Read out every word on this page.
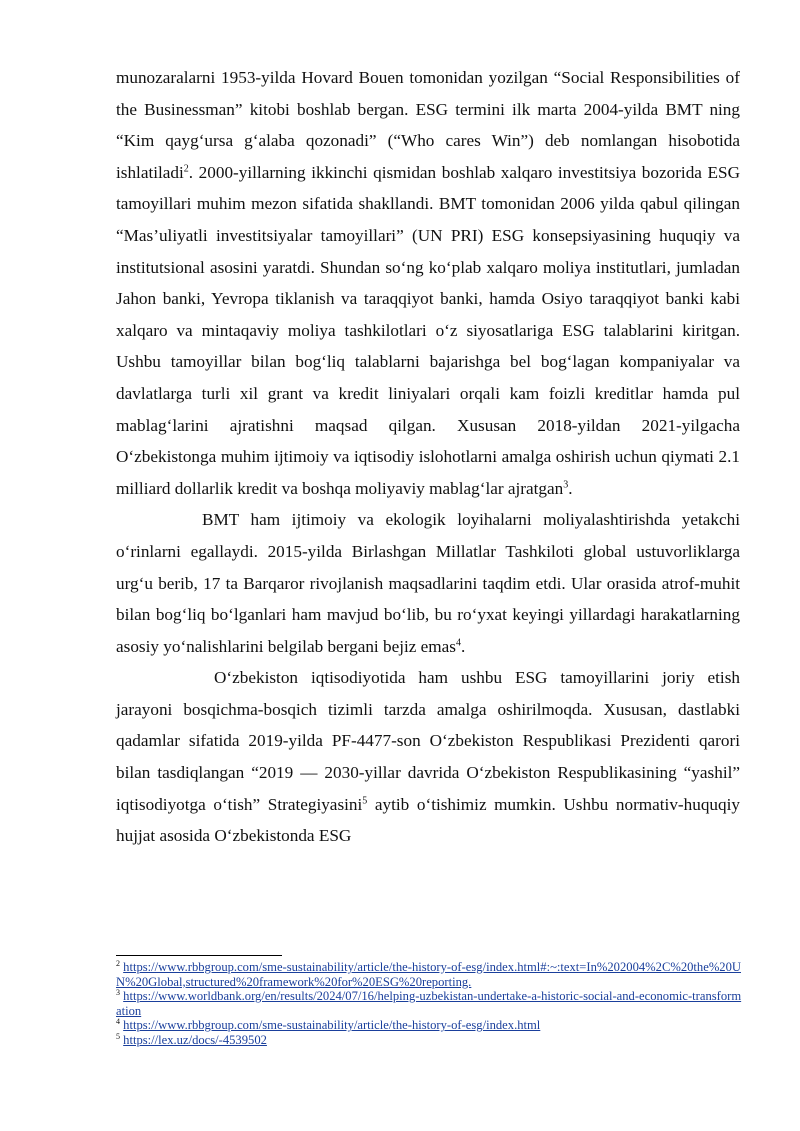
munozaralarni 1953-yilda Hovard Bouen tomonidan yozilgan “Social Responsibilities of the Businessman” kitobi boshlab bergan. ESG termini ilk marta 2004-yilda BMT ning “Kim qayg‘ursa g‘alaba qozonadi” (“Who cares Win”) deb nomlangan hisobotida ishlatiladi$^2$. 2000-yillarning ikkinchi qismidan boshlab xalqaro investitsiya bozorida ESG tamoyillari muhim mezon sifatida shakllandi. BMT tomonidan 2006 yilda qabul qilingan “Mas’uliyatli investitsiyalar tamoyillari” (UN PRI) ESG konsepsiyasining huquqiy va institutsional asosini yaratdi. Shundan so‘ng ko‘plab xalqaro moliya institutlari, jumladan Jahon banki, Yevropa tiklanish va taraqqiyot banki, hamda Osiyo taraqqiyot banki kabi xalqaro va mintaqaviy moliya tashkilotlari o‘z siyosatlariga ESG talablarini kiritgan. Ushbu tamoyillar bilan bog‘liq talablarni bajarishga bel bog‘lagan kompaniyalar va davlatlarga turli xil grant va kredit liniyalari orqali kam foizli kreditlar hamda pul mablag‘larini ajratishni maqsad qilgan. Xususan 2018-yildan 2021-yilgacha O‘zbekistonga muhim ijtimoiy va iqtisodiy islohotlarni amalga oshirish uchun qiymati 2.1 milliard dollarlik kredit va boshqa moliyaviy mablag‘lar ajratgan$^3$.

BMT ham ijtimoiy va ekologik loyihalarni moliyalashtirishda yetakchi o‘rinlarni egallaydi. 2015-yilda Birlashgan Millatlar Tashkiloti global ustuvorliklarga urg‘u berib, 17 ta Barqaror rivojlanish maqsadlarini taqdim etdi. Ular orasida atrof-muhit bilan bog‘liq bo‘lganlari ham mavjud bo‘lib, bu ro‘yxat keyingi yillardagi harakatlarning asosiy yo‘nalishlarini belgilab bergani bejiz emas$^4$.

O‘zbekiston iqtisodiyotida ham ushbu ESG tamoyillarini joriy etish jarayoni bosqichma-bosqich tizimli tarzda amalga oshirilmoqda. Xususan, dastlabki qadamlar sifatida 2019-yilda PF-4477-son O‘zbekiston Respublikasi Prezidenti qarori bilan tasdiqlangan “2019 — 2030-yillar davrida O‘zbekiston Respublikasining “yashil” iqtisodiyotga o‘tish” Strategiyasini$^5$ aytib o‘tishimiz mumkin. Ushbu normativ-huquqiy hujjat asosida O‘zbekistonda ESG

$^2$ https://www.rbbgroup.com/sme-sustainability/article/the-history-of-esg/index.html#:~:text=In%202004%2C%20the%20UN%20Global,structured%20framework%20for%20ESG%20reporting.

$^3$ https://www.worldbank.org/en/results/2024/07/16/helping-uzbekistan-undertake-a-historic-social-and-economic-transformation

$^4$ https://www.rbbgroup.com/sme-sustainability/article/the-history-of-esg/index.html

$^5$ https://lex.uz/docs/-4539502
